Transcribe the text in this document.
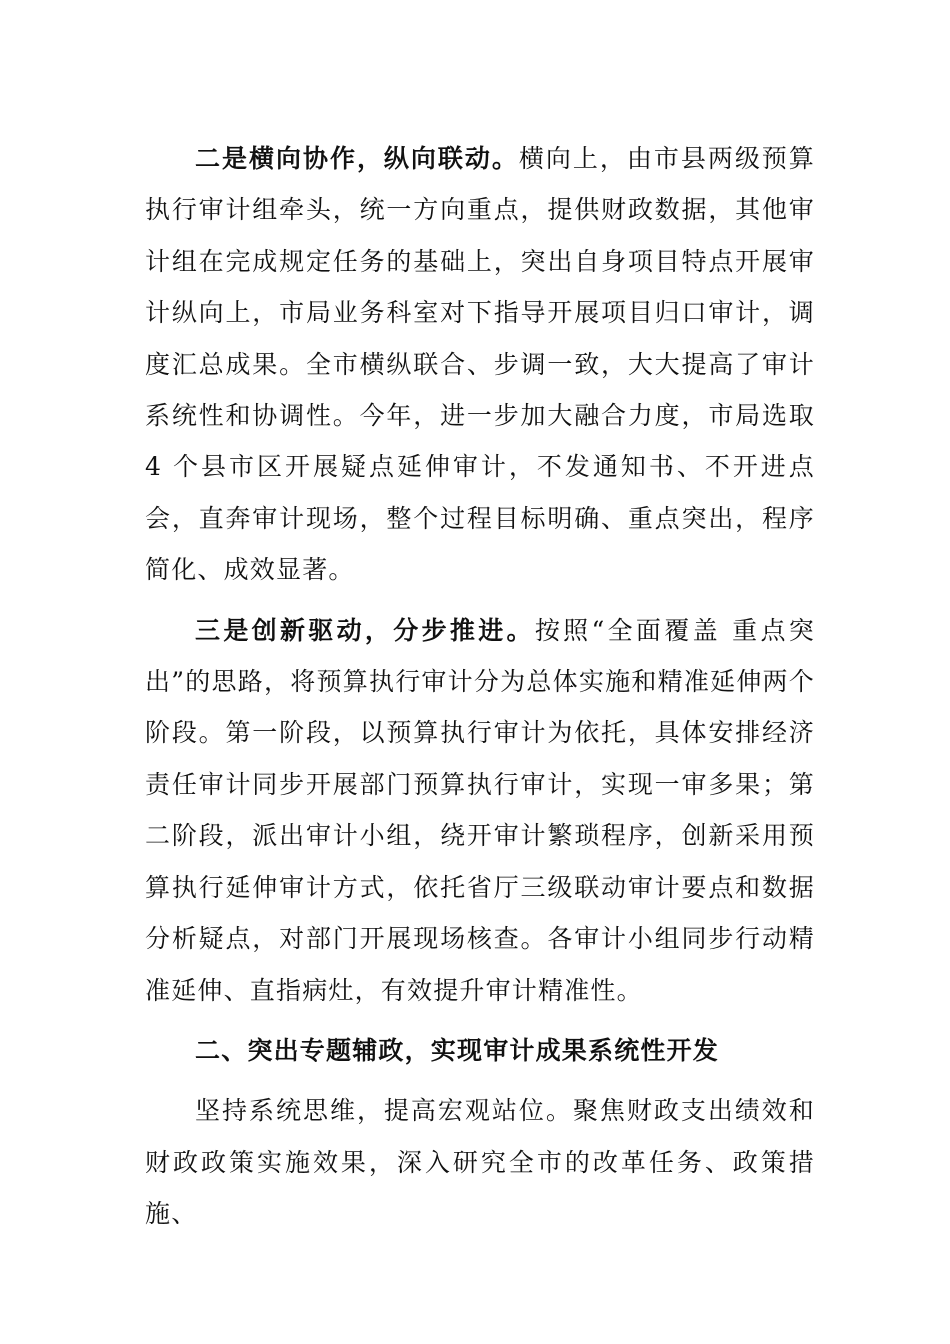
二是横向协作，纵向联动。横向上，由市县两级预算执行审计组牵头，统一方向重点，提供财政数据，其他审计组在完成规定任务的基础上，突出自身项目特点开展审计纵向上，市局业务科室对下指导开展项目归口审计，调度汇总成果。全市横纵联合、步调一致，大大提高了审计系统性和协调性。今年，进一步加大融合力度，市局选取 4 个县市区开展疑点延伸审计，不发通知书、不开进点会，直奔审计现场，整个过程目标明确、重点突出，程序简化、成效显著。

三是创新驱动，分步推进。按照“全面覆盖 重点突出”的思路，将预算执行审计分为总体实施和精准延伸两个阶段。第一阶段，以预算执行审计为依托，具体安排经济责任审计同步开展部门预算执行审计，实现一审多果；第二阶段，派出审计小组，绕开审计繁琐程序，创新采用预算执行延伸审计方式，依托省厅三级联动审计要点和数据分析疑点，对部门开展现场核查。各审计小组同步行动精准延伸、直指病灶，有效提升审计精准性。

二、突出专题辅政，实现审计成果系统性开发

坚持系统思维，提高宏观站位。聚焦财政支出绩效和财政政策实施效果，深入研究全市的改革任务、政策措施、
